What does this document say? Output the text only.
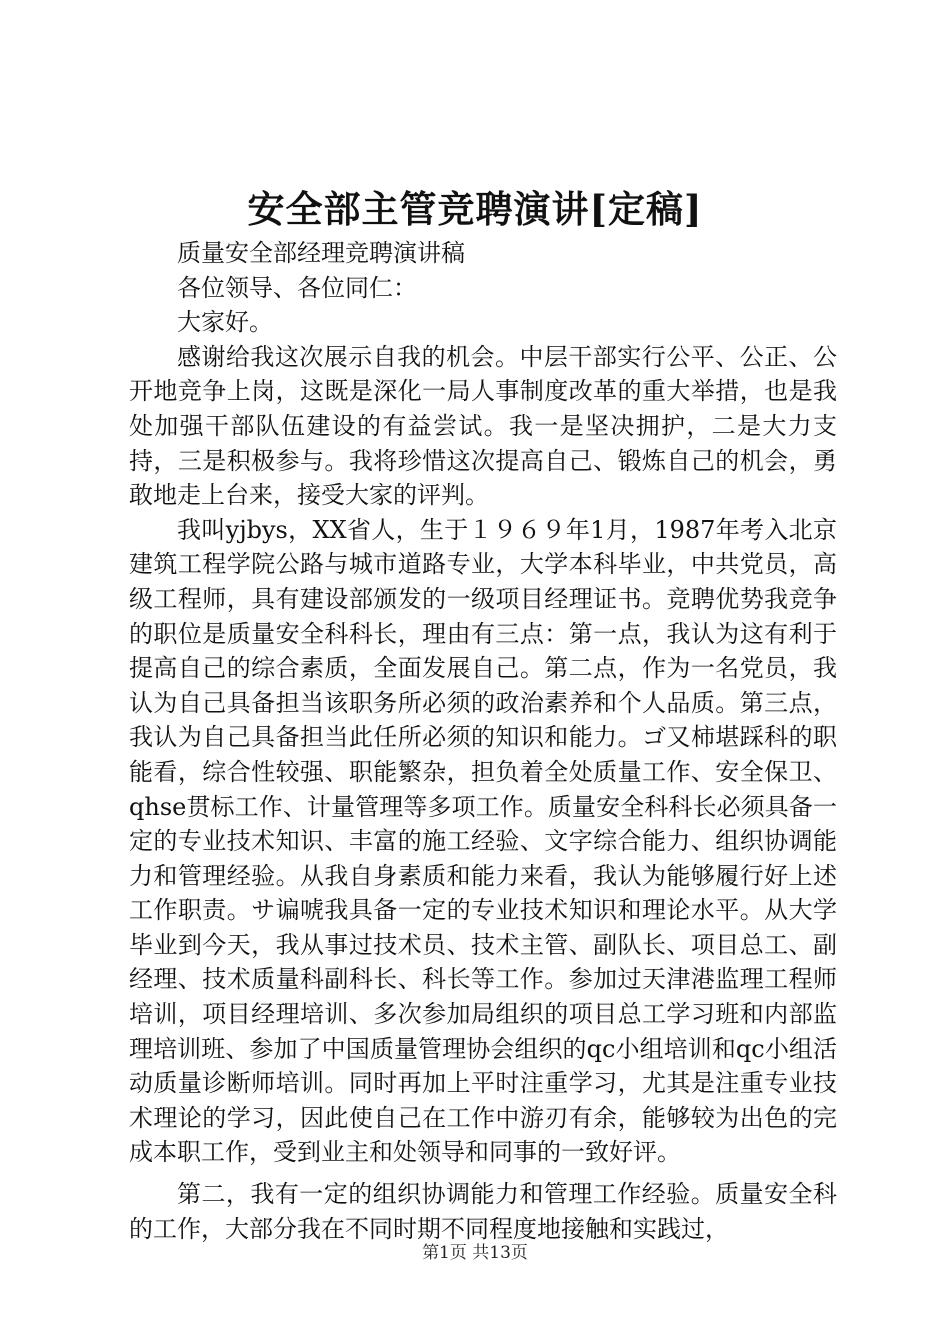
安全部主管竞聘演讲[定稿]

质量安全部经理竞聘演讲稿

各位领导、各位同仁：

大家好。

感谢给我这次展示自我的机会。中层干部实行公平、公正、公开地竞争上岗，这既是深化一局人事制度改革的重大举措，也是我处加强干部队伍建设的有益尝试。我一是坚决拥护，二是大力支持，三是积极参与。我将珍惜这次提高自己、锻炼自己的机会，勇敢地走上台来，接受大家的评判。

我叫yjbys，XX省人，生于１９６９年1月，1987年考入北京建筑工程学院公路与城市道路专业，大学本科毕业，中共党员，高级工程师，具有建设部颁发的一级项目经理证书。竞聘优势我竞争的职位是质量安全科科长，理由有三点：第一点，我认为这有利于提高自己的综合素质，全面发展自己。第二点，作为一名党员，我认为自己具备担当该职务所必须的政治素养和个人品质。第三点，我认为自己具备担当此任所必须的知识和能力。ゴ又柿堪踩科的职能看，综合性较强、职能繁杂，担负着全处质量工作、安全保卫、qhse贯标工作、计量管理等多项工作。质量安全科科长必须具备一定的专业技术知识、丰富的施工经验、文字综合能力、组织协调能力和管理经验。从我自身素质和能力来看，我认为能够履行好上述工作职责。サ谝唬我具备一定的专业技术知识和理论水平。从大学毕业到今天，我从事过技术员、技术主管、副队长、项目总工、副经理、技术质量科副科长、科长等工作。参加过天津港监理工程师培训，项目经理培训、多次参加局组织的项目总工学习班和内部监理培训班、参加了中国质量管理协会组织的qc小组培训和qc小组活动质量诊断师培训。同时再加上平时注重学习，尤其是注重专业技术理论的学习，因此使自己在工作中游刃有余，能够较为出色的完成本职工作，受到业主和处领导和同事的一致好评。

第二，我有一定的组织协调能力和管理工作经验。质量安全科的工作，大部分我在不同时期不同程度地接触和实践过，

第1页 共13页
